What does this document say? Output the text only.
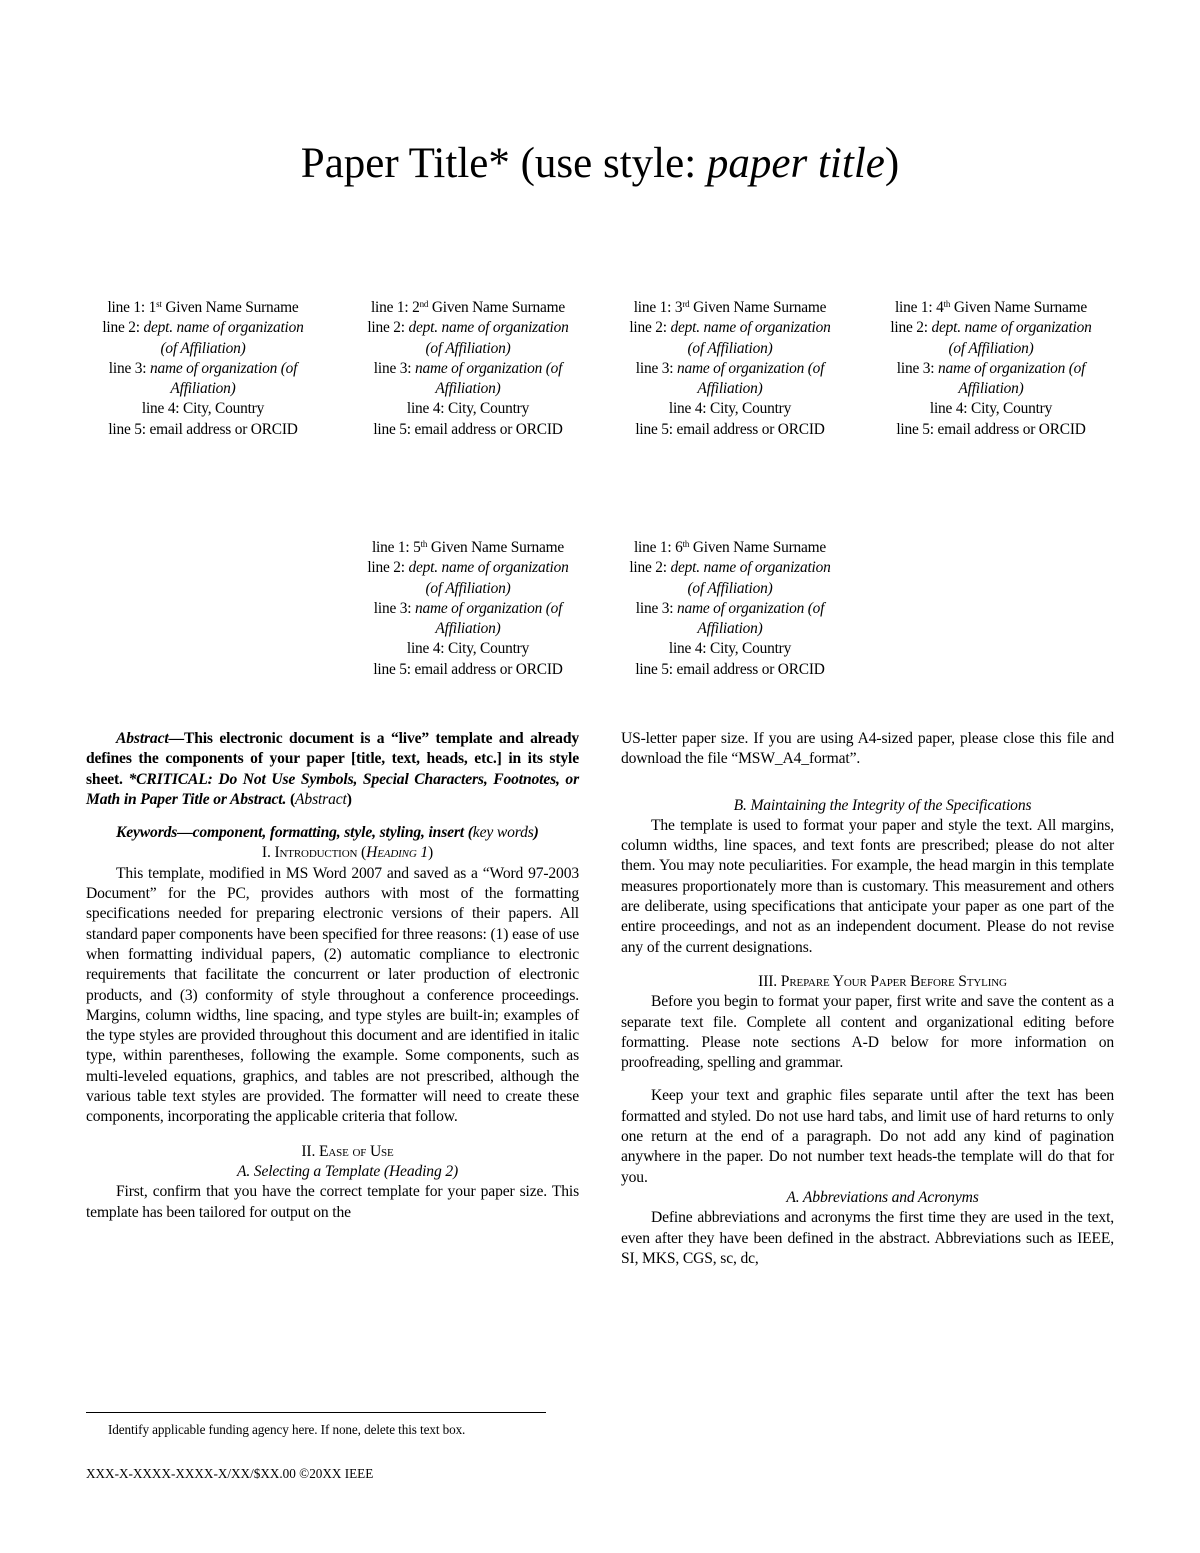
Paper Title* (use style: paper title)
line 1: 1st Given Name Surname
line 2: dept. name of organization
(of Affiliation)
line 3: name of organization (of
Affiliation)
line 4: City, Country
line 5: email address or ORCID
line 1: 2nd Given Name Surname
line 2: dept. name of organization
(of Affiliation)
line 3: name of organization (of
Affiliation)
line 4: City, Country
line 5: email address or ORCID
line 1: 3rd Given Name Surname
line 2: dept. name of organization
(of Affiliation)
line 3: name of organization (of
Affiliation)
line 4: City, Country
line 5: email address or ORCID
line 1: 4th Given Name Surname
line 2: dept. name of organization
(of Affiliation)
line 3: name of organization (of
Affiliation)
line 4: City, Country
line 5: email address or ORCID
line 1: 5th Given Name Surname
line 2: dept. name of organization
(of Affiliation)
line 3: name of organization (of
Affiliation)
line 4: City, Country
line 5: email address or ORCID
line 1: 6th Given Name Surname
line 2: dept. name of organization
(of Affiliation)
line 3: name of organization (of
Affiliation)
line 4: City, Country
line 5: email address or ORCID

Abstract—This electronic document is a “live” template and already defines the components of your paper [title, text, heads, etc.] in its style sheet. *CRITICAL: Do Not Use Symbols, Special Characters, Footnotes, or Math in Paper Title or Abstract. (Abstract)

Keywords—component, formatting, style, styling, insert (key words)

I. Introduction (Heading 1)

This template, modified in MS Word 2007 and saved as a “Word 97-2003 Document” for the PC, provides authors with most of the formatting specifications needed for preparing electronic versions of their papers. All standard paper components have been specified for three reasons: (1) ease of use when formatting individual papers, (2) automatic compliance to electronic requirements that facilitate the concurrent or later production of electronic products, and (3) conformity of style throughout a conference proceedings. Margins, column widths, line spacing, and type styles are built-in; examples of the type styles are provided throughout this document and are identified in italic type, within parentheses, following the example. Some components, such as multi-leveled equations, graphics, and tables are not prescribed, although the various table text styles are provided. The formatter will need to create these components, incorporating the applicable criteria that follow.

II. Ease of Use

A. Selecting a Template (Heading 2)

First, confirm that you have the correct template for your paper size. This template has been tailored for output on the

US-letter paper size. If you are using A4-sized paper, please close this file and download the file “MSW_A4_format”.

B. Maintaining the Integrity of the Specifications

The template is used to format your paper and style the text. All margins, column widths, line spaces, and text fonts are prescribed; please do not alter them. You may note peculiarities. For example, the head margin in this template measures proportionately more than is customary. This measurement and others are deliberate, using specifications that anticipate your paper as one part of the entire proceedings, and not as an independent document. Please do not revise any of the current designations.

III. Prepare Your Paper Before Styling

Before you begin to format your paper, first write and save the content as a separate text file. Complete all content and organizational editing before formatting. Please note sections A-D below for more information on proofreading, spelling and grammar.

Keep your text and graphic files separate until after the text has been formatted and styled. Do not use hard tabs, and limit use of hard returns to only one return at the end of a paragraph. Do not add any kind of pagination anywhere in the paper. Do not number text heads-the template will do that for you.

A. Abbreviations and Acronyms

Define abbreviations and acronyms the first time they are used in the text, even after they have been defined in the abstract. Abbreviations such as IEEE, SI, MKS, CGS, sc, dc,

Identify applicable funding agency here. If none, delete this text box.
XXX-X-XXXX-XXXX-X/XX/$XX.00 ©20XX IEEE
